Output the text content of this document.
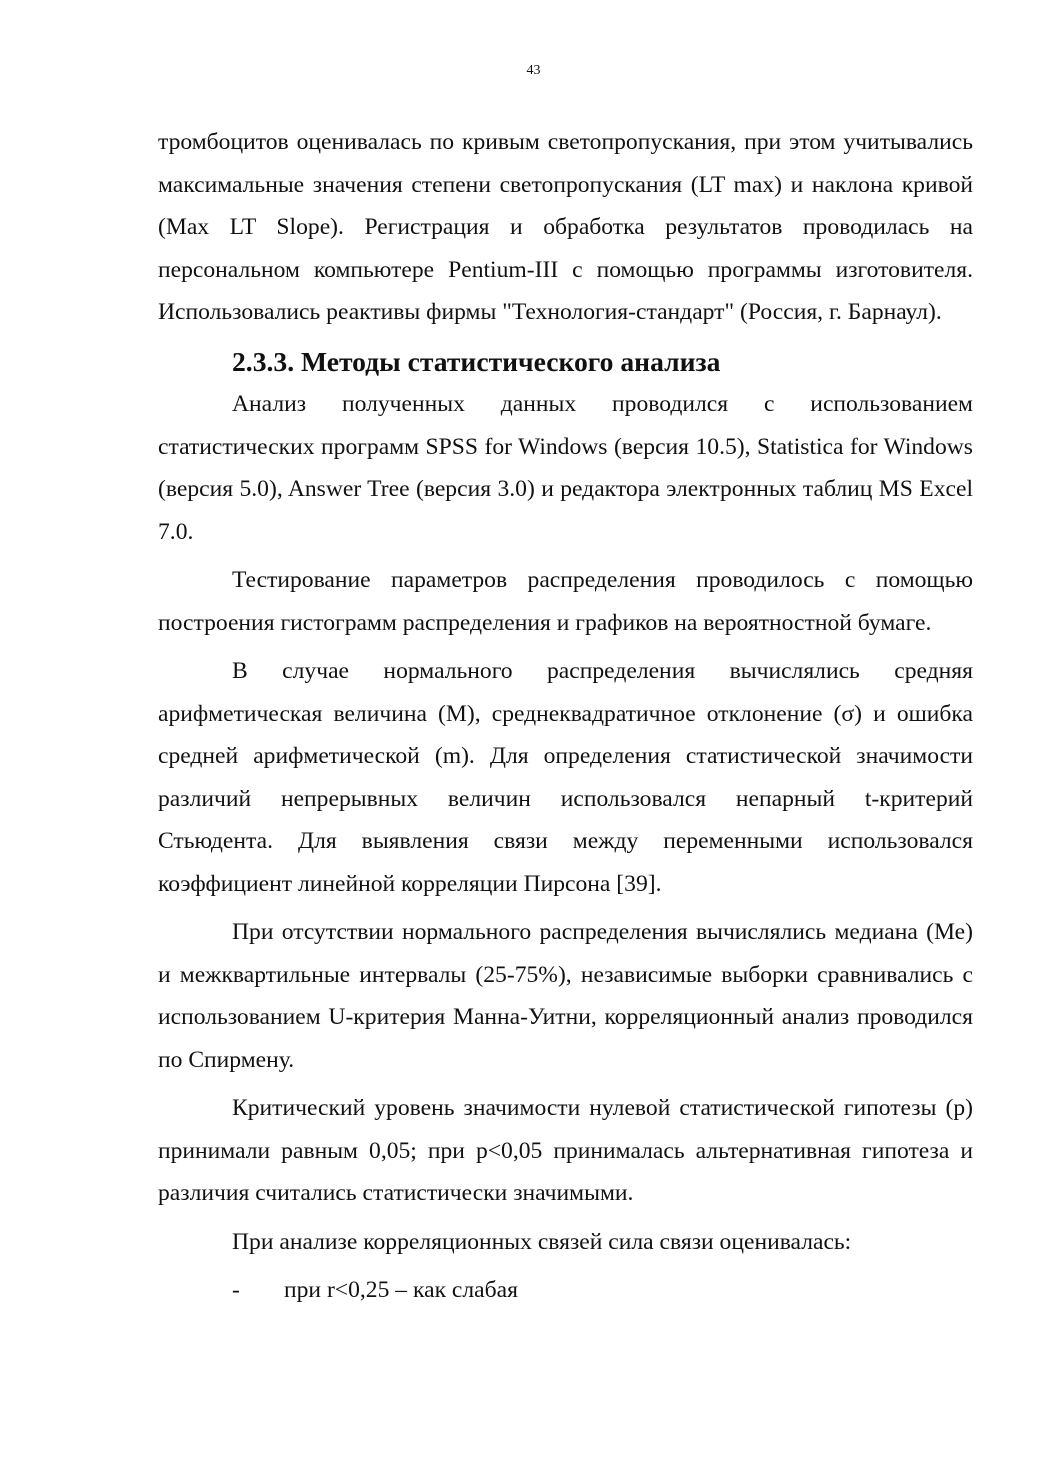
43

тромбоцитов оценивалась по кривым светопропускания, при этом учитывались максимальные значения степени светопропускания (LT max) и наклона кривой (Max LT Slope). Регистрация и обработка результатов проводилась на персональном компьютере Pentium-III с помощью программы изготовителя. Использовались реактивы фирмы "Технология-стандарт" (Россия, г. Барнаул).

2.3.3. Методы статистического анализа

Анализ полученных данных проводился с использованием статистических программ SPSS for Windows (версия 10.5), Statistica for Windows (версия 5.0), Answer Tree (версия 3.0) и редактора электронных таблиц MS Excel 7.0.

Тестирование параметров распределения проводилось с помощью построения гистограмм распределения и графиков на вероятностной бумаге.

В случае нормального распределения вычислялись средняя арифметическая величина (М), среднеквадратичное отклонение (σ) и ошибка средней арифметической (m). Для определения статистической значимости различий непрерывных величин использовался непарный t-критерий Стьюдента. Для выявления связи между переменными использовался коэффициент линейной корреляции Пирсона [39].

При отсутствии нормального распределения вычислялись медиана (Ме) и межквартильные интервалы (25-75%), независимые выборки сравнивались с использованием U-критерия Манна-Уитни, корреляционный анализ проводился по Спирмену.

Критический уровень значимости нулевой статистической гипотезы (р) принимали равным 0,05; при р<0,05 принималась альтернативная гипотеза и различия считались статистически значимыми.

При анализе корреляционных связей сила связи оценивалась:

- при r<0,25 – как слабая
